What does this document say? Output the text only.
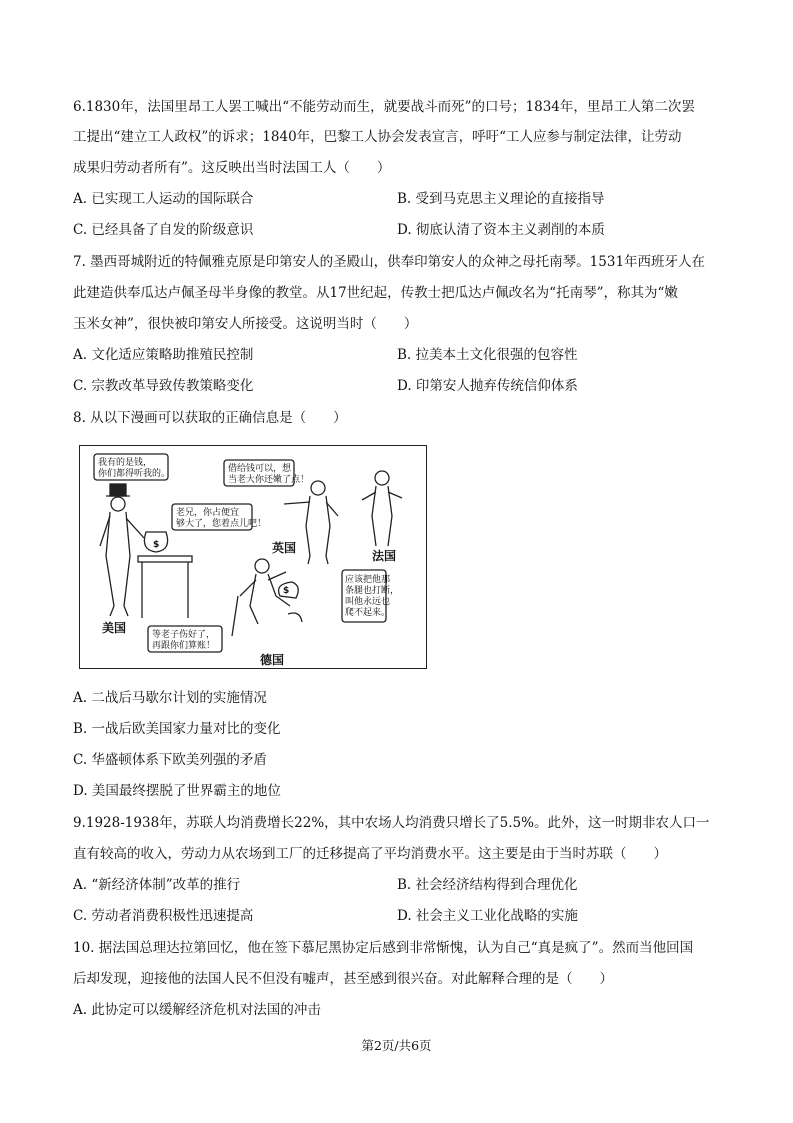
6.1830年，法国里昂工人罢工喊出“不能劳动而生，就要战斗而死”的口号；1834年，里昂工人第二次罢
工提出“建立工人政权”的诉求；1840年，巴黎工人协会发表宣言，呼吁“工人应参与制定法律，让劳动
成果归劳动者所有”。这反映出当时法国工人（　　）
A. 已实现工人运动的国际联合	B. 受到马克思主义理论的直接指导
C. 已经具备了自发的阶级意识	D. 彻底认清了资本主义剥削的本质
7. 墨西哥城附近的特佩雅克原是印第安人的圣殿山，供奉印第安人的众神之母托南琴。1531年西班牙人在
此建造供奉瓜达卢佩圣母半身像的教堂。从17世纪起，传教士把瓜达卢佩改名为“托南琴”，称其为“嫩
玉米女神”，很快被印第安人所接受。这说明当时（　　）
A. 文化适应策略助推殖民控制	B. 拉美本土文化很强的包容性
C. 宗教改革导致传教策略变化	D. 印第安人抛弃传统信仰体系
8. 从以下漫画可以获取的正确信息是（　　）
我有的是钱，
你们都得听我的。	借给钱可以，想
当老大你还嫩了点！
老兄，你占便宜
够大了，您着点儿吧！
应该把他那
条腿也打断，
叫他永远也
爬不起来。
等老子伤好了，
再跟你们算账！
美国
英国
法国
德国
$
$
A. 二战后马歇尔计划的实施情况
B. 一战后欧美国家力量对比的变化
C. 华盛顿体系下欧美列强的矛盾
D. 美国最终摆脱了世界霸主的地位
9.1928-1938年，苏联人均消费增长22%，其中农场人均消费只增长了5.5%。此外，这一时期非农人口一
直有较高的收入，劳动力从农场到工厂的迁移提高了平均消费水平。这主要是由于当时苏联（　　）
A. “新经济体制”改革的推行	B. 社会经济结构得到合理优化
C. 劳动者消费积极性迅速提高	D. 社会主义工业化战略的实施
10. 据法国总理达拉第回忆，他在签下慕尼黑协定后感到非常惭愧，认为自己“真是疯了”。然而当他回国
后却发现，迎接他的法国人民不但没有嘘声，甚至感到很兴奋。对此解释合理的是（　　）
A. 此协定可以缓解经济危机对法国的冲击
第2页/共6页
